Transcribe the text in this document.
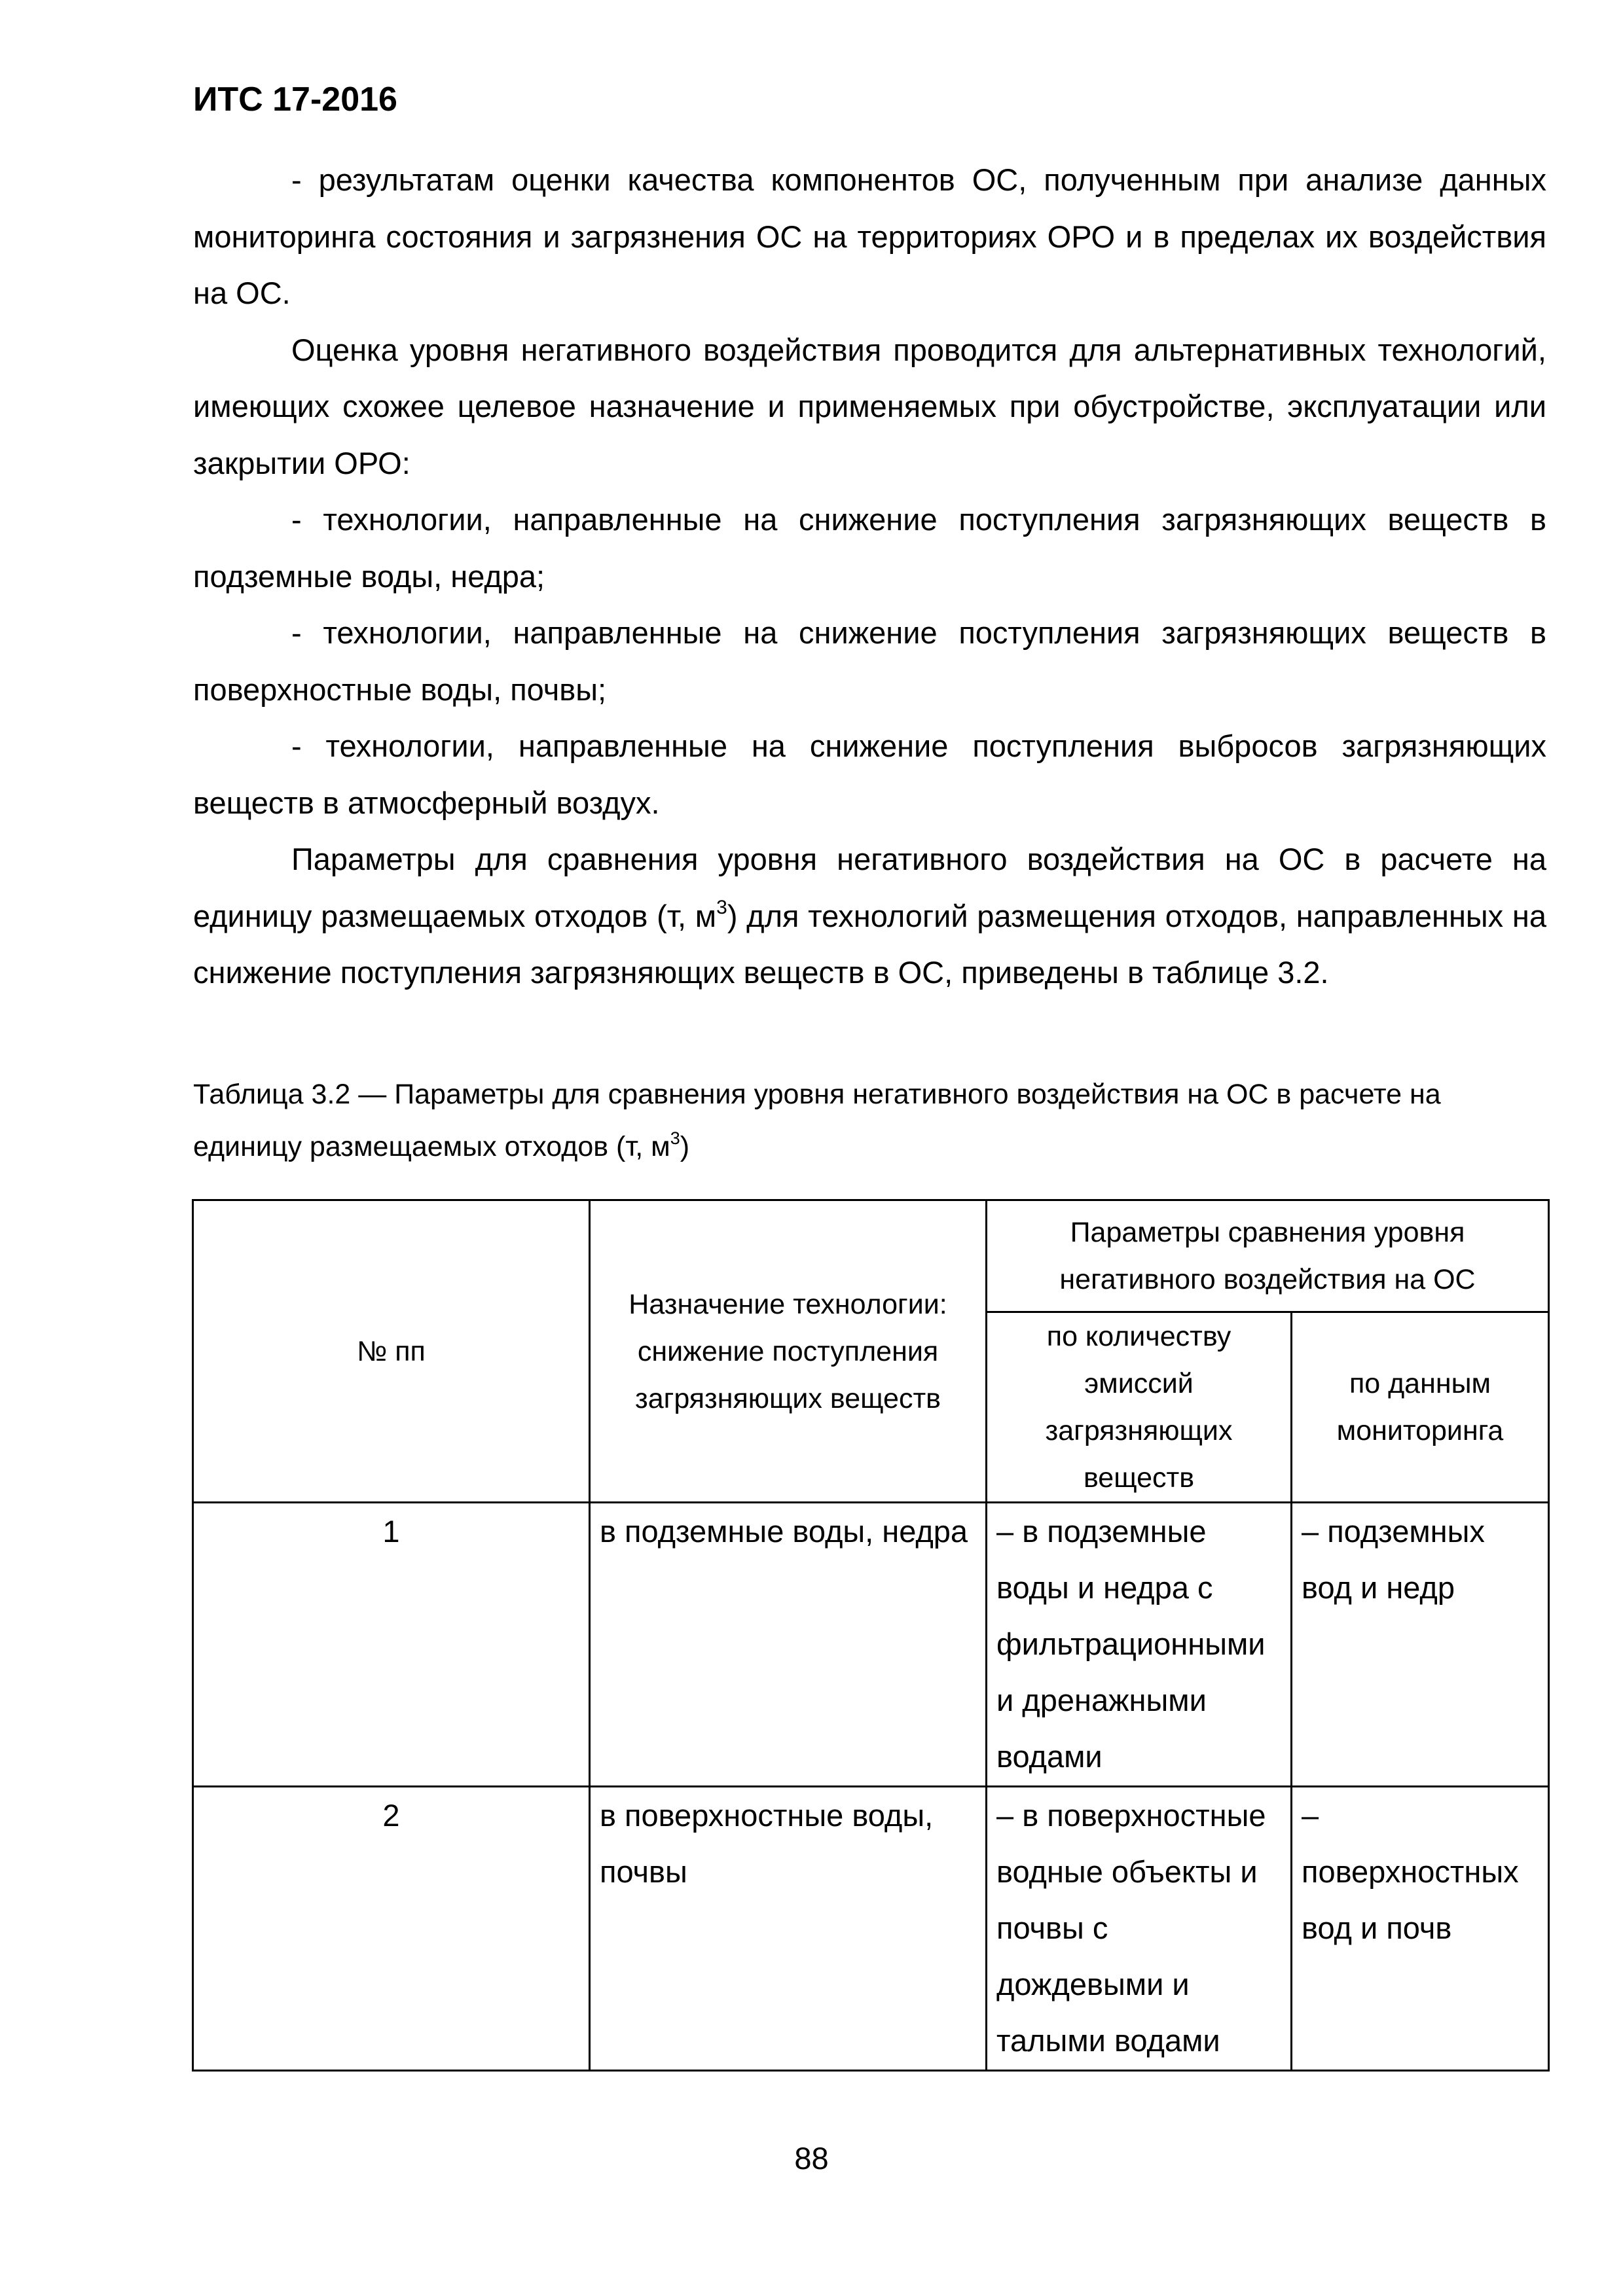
ИТС 17-2016

- результатам оценки качества компонентов ОС, полученным при анализе данных мониторинга состояния и загрязнения ОС на территориях ОРО и в пределах их воздействия на ОС.

Оценка уровня негативного воздействия проводится для альтернативных технологий, имеющих схожее целевое назначение и применяемых при обустройстве, эксплуатации или закрытии ОРО:

- технологии, направленные на снижение поступления загрязняющих веществ в подземные воды, недра;

- технологии, направленные на снижение поступления загрязняющих веществ в поверхностные воды, почвы;

- технологии, направленные на снижение поступления выбросов загрязняющих веществ в атмосферный воздух.

Параметры для сравнения уровня негативного воздействия на ОС в расчете на единицу размещаемых отходов (т, $м^3$) для технологий размещения отходов, направленных на снижение поступления загрязняющих веществ в ОС, приведены в таблице 3.2.

Таблица 3.2 — Параметры для сравнения уровня негативного воздействия на ОС в расчете на единицу размещаемых отходов (т, $м^3$)
№ пп	Назначение технологии: снижение поступления загрязняющих веществ	Параметры сравнения уровня негативного воздействия на ОС	
		по количеству эмиссий загрязняющих веществ	по данным мониторинга
1	в подземные воды, недра	– в подземные воды и недра с фильтрационными и дренажными водами	– подземных вод и недр
2	в поверхностные воды, почвы	– в поверхностные водные объекты и почвы с дождевыми и талыми водами	– поверхностных вод и почв
88
